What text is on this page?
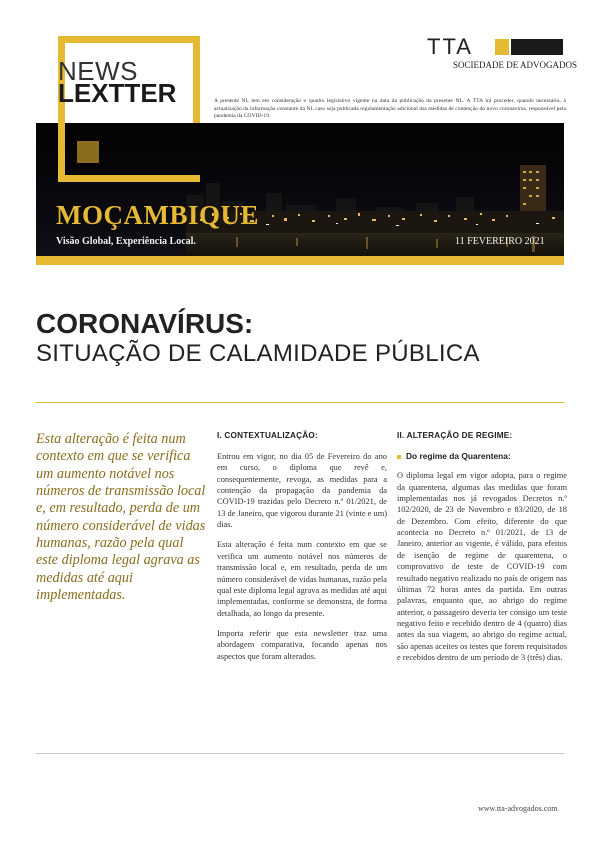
NEWS
LEXTTER
TTA
SOCIEDADE DE ADVOGADOS
A presente NL tem em consideração o quadro legislativo vigente na data da publicação da presente NL. A TTA irá proceder, quando necessário, à actualização da informação constante da NL caso seja publicada regulamentação adicional das medidas de contenção do novo coronavírus, responsável pela pandemia da COVID-19.
MOÇAMBIQUE
Visão Global, Experiência Local.	11 FEVEREIRO 2021
CORONAVÍRUS:
SITUAÇÃO DE CALAMIDADE PÚBLICA
Esta alteração é feita num contexto em que se verifica um aumento notável nos números de transmissão local e, em resultado, perda de um número considerável de vidas humanas, razão pela qual este diploma legal agrava as medidas até aqui implementadas.
I. CONTEXTUALIZAÇÃO:

Entrou em vigor, no dia 05 de Fevereiro do ano em curso, o diploma que revê e, consequentemente, revoga, as medidas para a contenção da propagação da pandemia da COVID-19 trazidas pelo Decreto n.º 01/2021, de 13 de Janeiro, que vigorou durante 21 (vinte e um) dias.

Esta alteração é feita num contexto em que se verifica um aumento notável nos números de transmissão local e, em resultado, perda de um número considerável de vidas humanas, razão pela qual este diploma legal agrava as medidas até aqui implementadas, conforme se demonstra, de forma detalhada, ao longo da presente.

Importa referir que esta newsletter traz uma abordagem comparativa, focando apenas nos aspectos que foram alterados.

II. ALTERAÇÃO DE REGIME:
Do regime da Quarentena:

O diploma legal em vigor adopta, para o regime da quarentena, algumas das medidas que foram implementadas nos já revogados Decretos n.º 102/2020, de 23 de Novembro e 83/2020, de 18 de Dezembro. Com efeito, diferente do que acontecia no Decreto n.º 01/2021, de 13 de Janeiro, anterior ao vigente, é válido, para efeitos de isenção de regime de quarentena, o comprovativo de teste de COVID-19 com resultado negativo realizado no país de origem nas últimas 72 horas antes da partida. Em outras palavras, enquanto que, ao abrigo do regime anterior, o passageiro deveria ter consigo um teste negativo feito e recebido dentro de 4 (quatro) dias antes da sua viagem, ao abrigo do regime actual, são apenas aceites os testes que forem requisitados e recebidos dentro de um período de 3 (três) dias.

www.tta-advogados.com
